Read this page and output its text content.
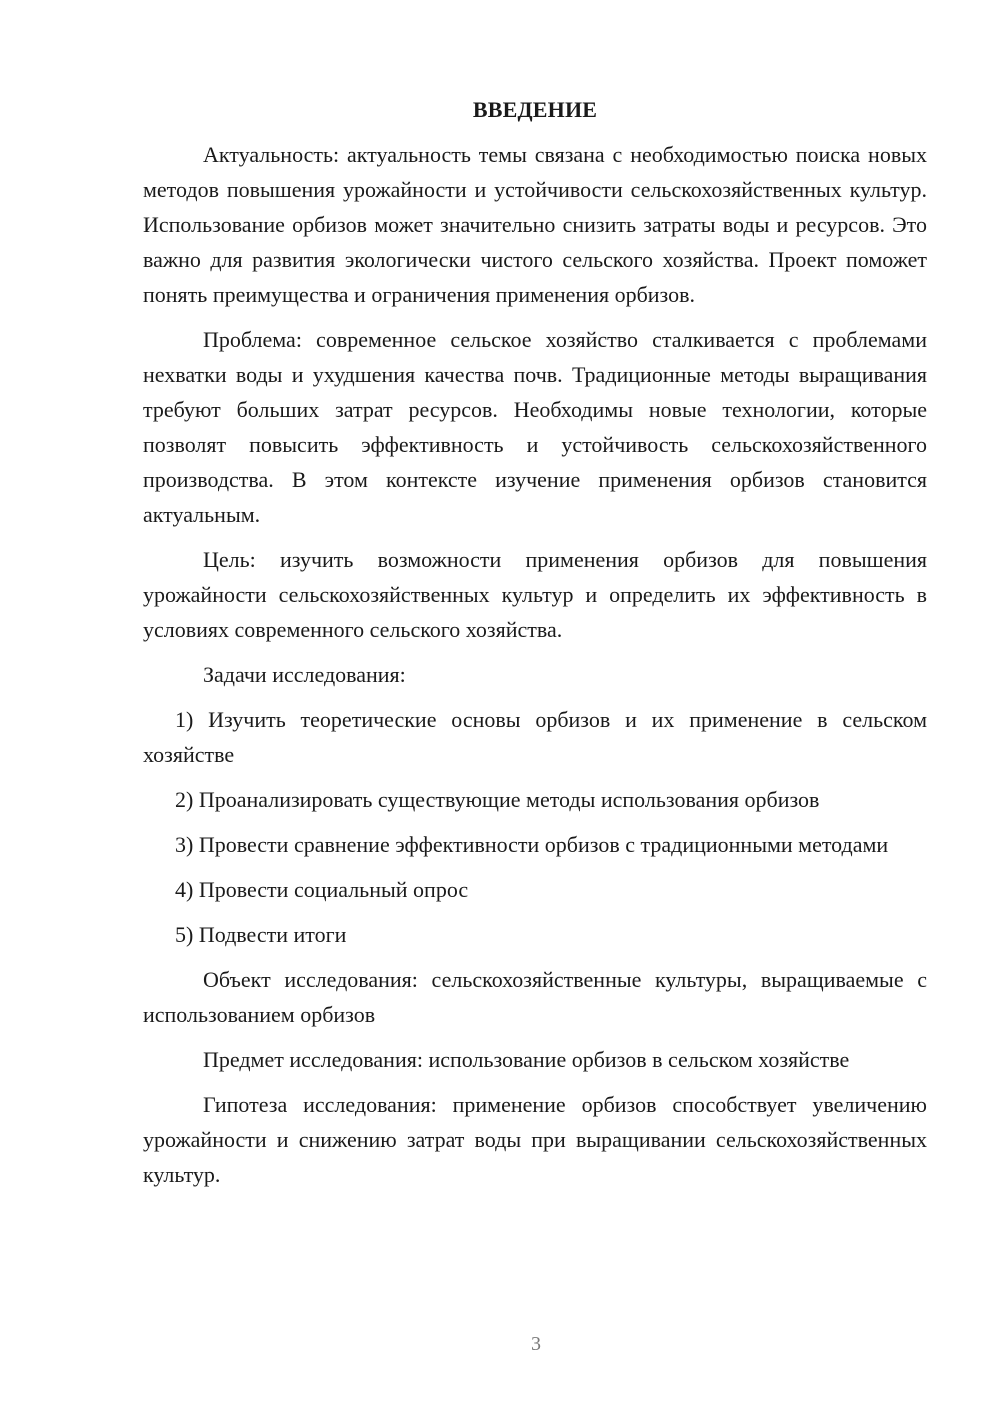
ВВЕДЕНИЕ

Актуальность: актуальность темы связана с необходимостью поиска новых методов повышения урожайности и устойчивости сельскохозяйственных культур. Использование орбизов может значительно снизить затраты воды и ресурсов. Это важно для развития экологически чистого сельского хозяйства. Проект поможет понять преимущества и ограничения применения орбизов.

Проблема: современное сельское хозяйство сталкивается с проблемами нехватки воды и ухудшения качества почв. Традиционные методы выращивания требуют больших затрат ресурсов. Необходимы новые технологии, которые позволят повысить эффективность и устойчивость сельскохозяйственного производства. В этом контексте изучение применения орбизов становится актуальным.

Цель: изучить возможности применения орбизов для повышения урожайности сельскохозяйственных культур и определить их эффективность в условиях современного сельского хозяйства.

Задачи исследования:

1) Изучить теоретические основы орбизов и их применение в сельском хозяйстве

2) Проанализировать существующие методы использования орбизов

3) Провести сравнение эффективности орбизов с традиционными методами

4) Провести социальный опрос

5) Подвести итоги

Объект исследования: сельскохозяйственные культуры, выращиваемые с использованием орбизов

Предмет исследования: использование орбизов в сельском хозяйстве

Гипотеза исследования: применение орбизов способствует увеличению урожайности и снижению затрат воды при выращивании сельскохозяйственных культур.

3
